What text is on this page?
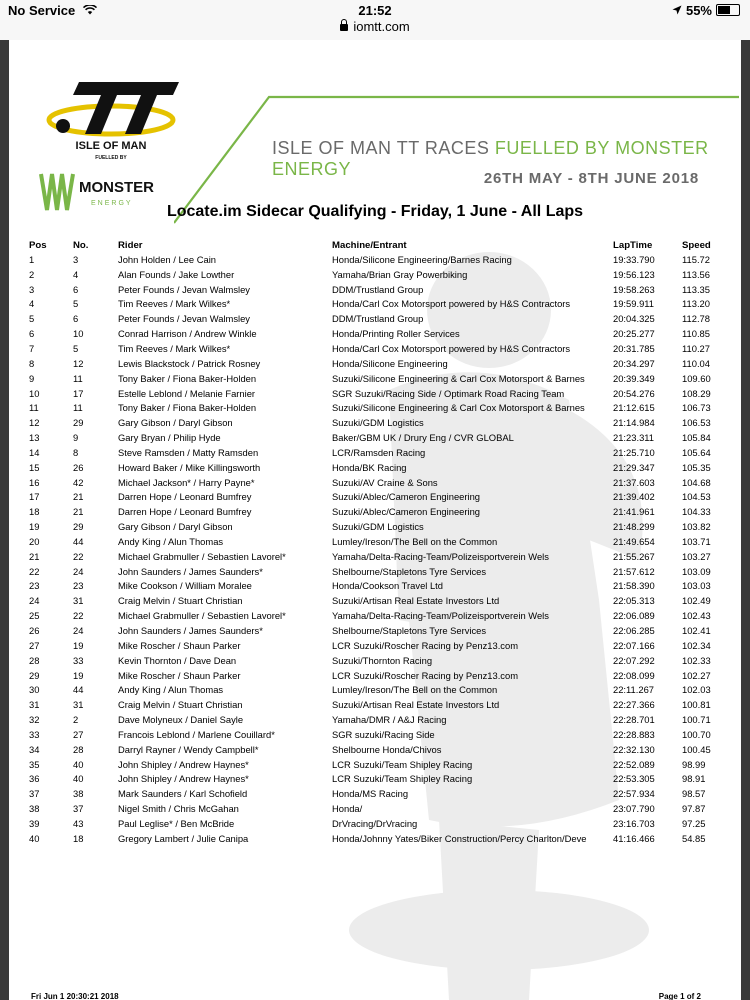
No Service	21:52
iomtt.com
55%
ISLE OF MAN
FUELLED BY
MONSTER
ENERGY
ISLE OF MAN TT RACES FUELLED BY MONSTER ENERGY	26TH MAY - 8TH JUNE 2018
Locate.im Sidecar Qualifying - Friday, 1 June - All Laps
Pos	No.	Rider	Machine/Entrant	LapTime	Speed
1	3	John Holden / Lee Cain	Honda/Silicone Engineering/Barnes Racing	19:33.790	115.72
2	4	Alan Founds / Jake Lowther	Yamaha/Brian Gray Powerbiking	19:56.123	113.56
3	6	Peter Founds / Jevan Walmsley	DDM/Trustland Group	19:58.263	113.35
4	5	Tim Reeves / Mark Wilkes*	Honda/Carl Cox Motorsport powered by H&S Contractors	19:59.911	113.20
5	6	Peter Founds / Jevan Walmsley	DDM/Trustland Group	20:04.325	112.78
6	10	Conrad Harrison / Andrew Winkle	Honda/Printing Roller Services	20:25.277	110.85
7	5	Tim Reeves / Mark Wilkes*	Honda/Carl Cox Motorsport powered by H&S Contractors	20:31.785	110.27
8	12	Lewis Blackstock / Patrick Rosney	Honda/Silicone Engineering	20:34.297	110.04
9	11	Tony Baker / Fiona Baker-Holden	Suzuki/Silicone Engineering & Carl Cox Motorsport & Barnes	20:39.349	109.60
10	17	Estelle Leblond / Melanie Farnier	SGR Suzuki/Racing Side / Optimark Road Racing Team	20:54.276	108.29
11	11	Tony Baker / Fiona Baker-Holden	Suzuki/Silicone Engineering & Carl Cox Motorsport & Barnes	21:12.615	106.73
12	29	Gary Gibson / Daryl Gibson	Suzuki/GDM Logistics	21:14.984	106.53
13	9	Gary Bryan / Philip Hyde	Baker/GBM UK / Drury Eng / CVR GLOBAL	21:23.311	105.84
14	8	Steve Ramsden / Matty Ramsden	LCR/Ramsden Racing	21:25.710	105.64
15	26	Howard Baker / Mike Killingsworth	Honda/BK Racing	21:29.347	105.35
16	42	Michael Jackson* / Harry Payne*	Suzuki/AV Craine & Sons	21:37.603	104.68
17	21	Darren Hope / Leonard Bumfrey	Suzuki/Ablec/Cameron Engineering	21:39.402	104.53
18	21	Darren Hope / Leonard Bumfrey	Suzuki/Ablec/Cameron Engineering	21:41.961	104.33
19	29	Gary Gibson / Daryl Gibson	Suzuki/GDM Logistics	21:48.299	103.82
20	44	Andy King / Alun Thomas	Lumley/Ireson/The Bell on the Common	21:49.654	103.71
21	22	Michael Grabmuller / Sebastien Lavorel*	Yamaha/Delta-Racing-Team/Polizeisportverein Wels	21:55.267	103.27
22	24	John Saunders / James Saunders*	Shelbourne/Stapletons Tyre Services	21:57.612	103.09
23	23	Mike Cookson / William Moralee	Honda/Cookson Travel Ltd	21:58.390	103.03
24	31	Craig Melvin / Stuart Christian	Suzuki/Artisan Real Estate Investors Ltd	22:05.313	102.49
25	22	Michael Grabmuller / Sebastien Lavorel*	Yamaha/Delta-Racing-Team/Polizeisportverein Wels	22:06.089	102.43
26	24	John Saunders / James Saunders*	Shelbourne/Stapletons Tyre Services	22:06.285	102.41
27	19	Mike Roscher / Shaun Parker	LCR Suzuki/Roscher Racing by Penz13.com	22:07.166	102.34
28	33	Kevin Thornton / Dave Dean	Suzuki/Thornton Racing	22:07.292	102.33
29	19	Mike Roscher / Shaun Parker	LCR Suzuki/Roscher Racing by Penz13.com	22:08.099	102.27
30	44	Andy King / Alun Thomas	Lumley/Ireson/The Bell on the Common	22:11.267	102.03
31	31	Craig Melvin / Stuart Christian	Suzuki/Artisan Real Estate Investors Ltd	22:27.366	100.81
32	2	Dave Molyneux / Daniel Sayle	Yamaha/DMR / A&J Racing	22:28.701	100.71
33	27	Francois Leblond / Marlene Couillard*	SGR suzuki/Racing Side	22:28.883	100.70
34	28	Darryl Rayner / Wendy Campbell*	Shelbourne Honda/Chivos	22:32.130	100.45
35	40	John Shipley / Andrew Haynes*	LCR Suzuki/Team Shipley Racing	22:52.089	98.99
36	40	John Shipley / Andrew Haynes*	LCR Suzuki/Team Shipley Racing	22:53.305	98.91
37	38	Mark Saunders / Karl Schofield	Honda/MS Racing	22:57.934	98.57
38	37	Nigel Smith / Chris McGahan	Honda/	23:07.790	97.87
39	43	Paul Leglise* / Ben McBride	DrVracing/DrVracing	23:16.703	97.25
40	18	Gregory Lambert / Julie Canipa	Honda/Johnny Yates/Biker Construction/Percy Charlton/Deve	41:16.466	54.85
Fri Jun 1 20:30:21 2018	Page 1 of 2
